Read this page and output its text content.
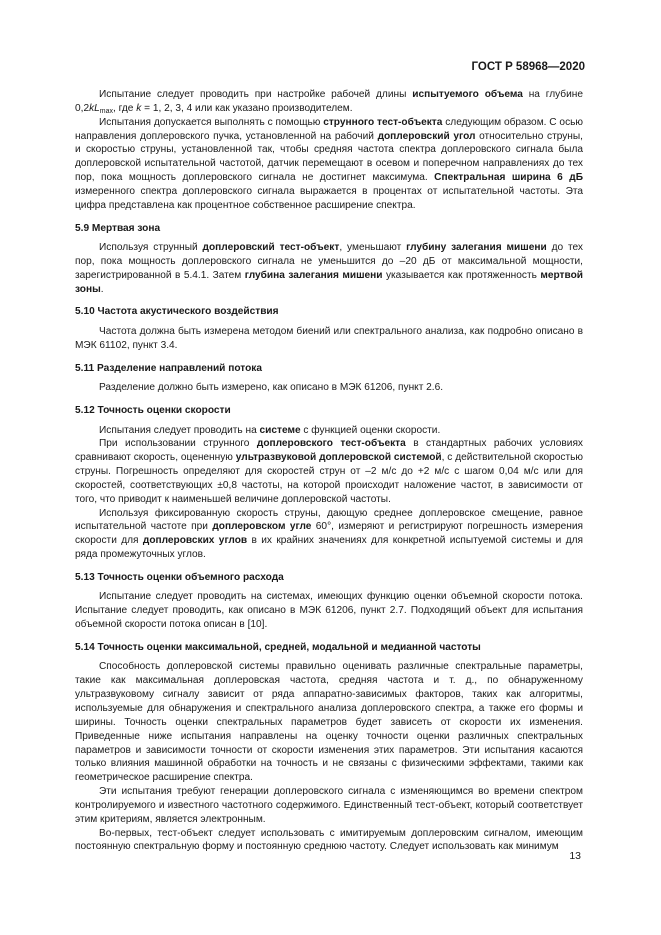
ГОСТ Р 58968—2020

Испытание следует проводить при настройке рабочей длины испытуемого объема на глубине $0,2kL_{max}$, где k = 1, 2, 3, 4 или как указано производителем.

Испытания допускается выполнять с помощью струнного тест-объекта следующим образом. С осью направления доплеровского пучка, установленной на рабочий доплеровский угол относительно струны, и скоростью струны, установленной так, чтобы средняя частота спектра доплеровского сигнала была доплеровской испытательной частотой, датчик перемещают в осевом и поперечном направлениях до тех пор, пока мощность доплеровского сигнала не достигнет максимума. Спектральная ширина 6 дБ измеренного спектра доплеровского сигнала выражается в процентах от испытательной частоты. Эта цифра представлена как процентное собственное расширение спектра.

5.9 Мертвая зона

Используя струнный доплеровский тест-объект, уменьшают глубину залегания мишени до тех пор, пока мощность доплеровского сигнала не уменьшится до –20 дБ от максимальной мощности, зарегистрированной в 5.4.1. Затем глубина залегания мишени указывается как протяженность мертвой зоны.

5.10 Частота акустического воздействия

Частота должна быть измерена методом биений или спектрального анализа, как подробно описано в МЭК 61102, пункт 3.4.

5.11 Разделение направлений потока

Разделение должно быть измерено, как описано в МЭК 61206, пункт 2.6.

5.12 Точность оценки скорости

Испытания следует проводить на системе с функцией оценки скорости.

При использовании струнного доплеровского тест-объекта в стандартных рабочих условиях сравнивают скорость, оцененную ультразвуковой доплеровской системой, с действительной скоростью струны. Погрешность определяют для скоростей струн от –2 м/с до +2 м/с с шагом 0,04 м/с или для скоростей, соответствующих ±0,8 частоты, на которой происходит наложение частот, в зависимости от того, что приводит к наименьшей величине доплеровской частоты.

Используя фиксированную скорость струны, дающую среднее доплеровское смещение, равное испытательной частоте при доплеровском угле 60°, измеряют и регистрируют погрешность измерения скорости для доплеровских углов в их крайних значениях для конкретной испытуемой системы и для ряда промежуточных углов.

5.13 Точность оценки объемного расхода

Испытание следует проводить на системах, имеющих функцию оценки объемной скорости потока. Испытание следует проводить, как описано в МЭК 61206, пункт 2.7. Подходящий объект для испытания объемной скорости потока описан в [10].

5.14 Точность оценки максимальной, средней, модальной и медианной частоты

Способность доплеровской системы правильно оценивать различные спектральные параметры, такие как максимальная доплеровская частота, средняя частота и т. д., по обнаруженному ультразвуковому сигналу зависит от ряда аппаратно-зависимых факторов, таких как алгоритмы, используемые для обнаружения и спектрального анализа доплеровского спектра, а также его формы и ширины. Точность оценки спектральных параметров будет зависеть от скорости их изменения. Приведенные ниже испытания направлены на оценку точности оценки различных спектральных параметров и зависимости точности от скорости изменения этих параметров. Эти испытания касаются только влияния машинной обработки на точность и не связаны с физическими эффектами, такими как геометрическое расширение спектра.

Эти испытания требуют генерации доплеровского сигнала с изменяющимся во времени спектром контролируемого и известного частотного содержимого. Единственный тест-объект, который соответствует этим критериям, является электронным.

Во-первых, тест-объект следует использовать с имитируемым доплеровским сигналом, имеющим постоянную спектральную форму и постоянную среднюю частоту. Следует использовать как минимум

13
